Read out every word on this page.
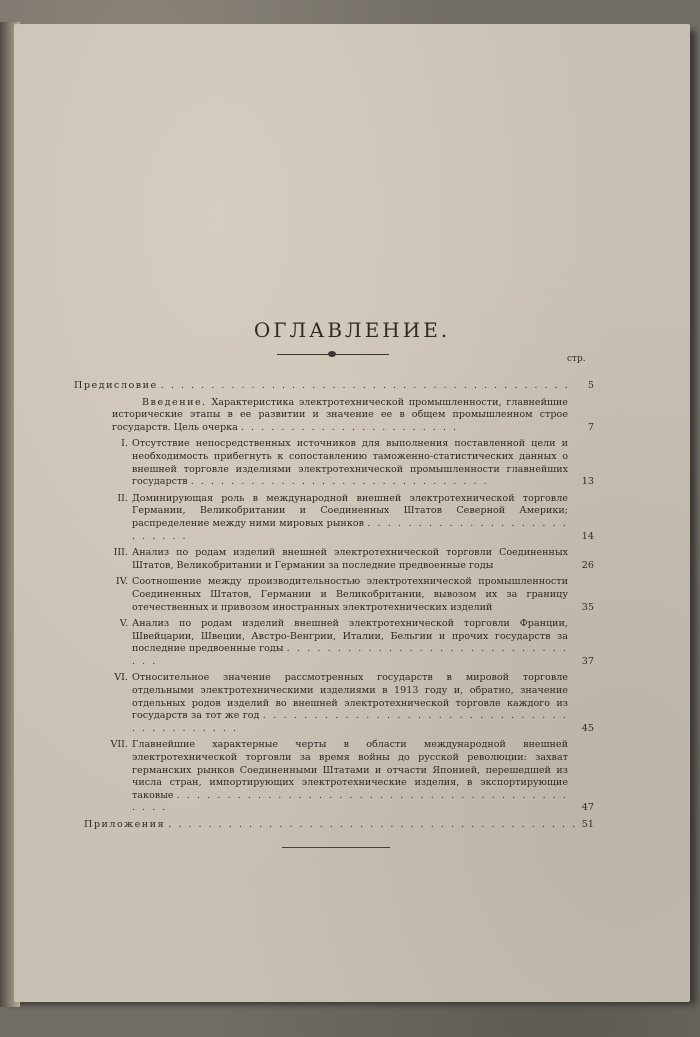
ОГЛАВЛЕНИЕ.
стр.
Предисловие . . . . . . . . . . . . . . . . . . . . . . . . . . . . . . . . . . . . . . . . .	5
Введение. Характеристика электротехнической промышленности, главнейшие исторические этапы в ее развитии и значение ее в общем промышленном строе государств. Цель очерка . . . . . . . . . . . . . . . . . . . . . .	7
I. Отсутствие непосредственных источников для выполнения поставленной цели и необходимость прибегнуть к сопоставлению таможенно-статистических данных о внешней торговле изделиями электротехнической промышленности главнейших государств . . . . . . . . . . . . . . . . . . . . . . . . . . . . . .	13
II. Доминирующая роль в международной внешней электротехнической торговле Германии, Великобритании и Соединенных Штатов Северной Америки; распределение между ними мировых рынков . . . . . . . . . . . . . . . . . . . . . . . . . .	14
III. Анализ по родам изделий внешней электротехнической торговли Соединенных Штатов, Великобритании и Германии за последние предвоенные годы	26
IV. Соотношение между производительностью электротехнической промышленности Соединенных Штатов, Германии и Великобритании, вывозом их за границу отечественных и привозом иностранных электротехнических изделий	35
V. Анализ по родам изделий внешней электротехнической торговли Франции, Швейцарии, Швеции, Австро-Венгрии, Италии, Бельгии и прочих государств за последние предвоенные годы . . . . . . . . . . . . . . . . . . . . . . . . . . . . . . .	37
VI. Относительное значение рассмотренных государств в мировой торговле отдельными электротехническими изделиями в 1913 году и, обратно, значение отдельных родов изделий во внешней электротехнической торговле каждого из государств за тот же год . . . . . . . . . . . . . . . . . . . . . . . . . . . . . . . . . . . . . . . . .	45
VII. Главнейшие характерные черты в области международной внешней электротехнической торговли за время войны до русской революции: захват германских рынков Соединенными Штатами и отчасти Японией, перешедшей из числа стран, импортирующих электротехнические изделия, в экспортирующие таковые . . . . . . . . . . . . . . . . . . . . . . . . . . . . . . . . . . . . . . . . . . .	47
Приложения . . . . . . . . . . . . . . . . . . . . . . . . . . . . . . . . . . . . . . . . . 51
